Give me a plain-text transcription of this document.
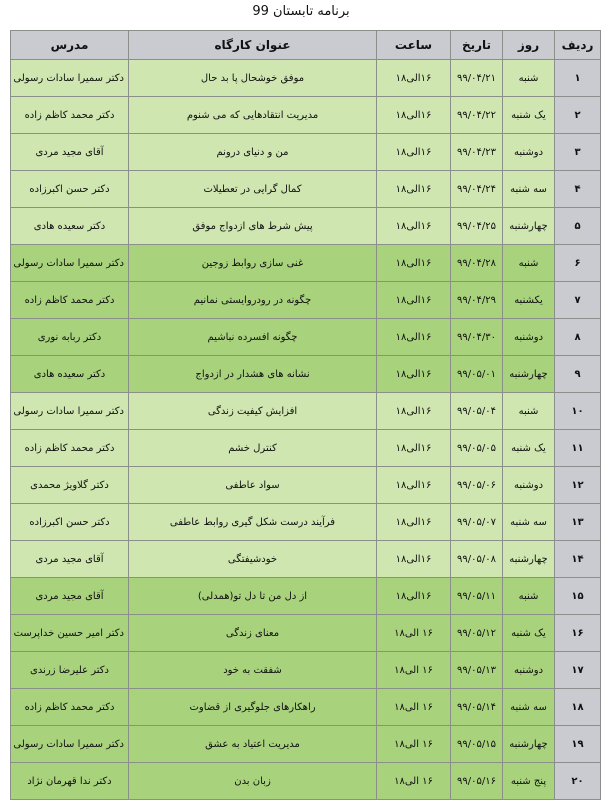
برنامه تابستان 99
ردیف	روز	تاریخ	ساعت	عنوان کارگاه	مدرس
۱	شنبه	۹۹/۰۴/۲۱	۱۶الی۱۸	موفق خوشحال پا بد حال	دکتر سمیرا سادات رسولی
۲	یک شنبه	۹۹/۰۴/۲۲	۱۶الی۱۸	مدیریت انتقادهایی که می شنوم	دکتر محمد کاظم زاده
۳	دوشنبه	۹۹/۰۴/۲۳	۱۶الی۱۸	من و دنیای درونم	آقای مجید مردی
۴	سه شنبه	۹۹/۰۴/۲۴	۱۶الی۱۸	کمال گرایی در تعطیلات	دکتر حسن اکبرزاده
۵	چهارشنبه	۹۹/۰۴/۲۵	۱۶الی۱۸	پیش شرط های ازدواج موفق	دکتر سعیده هادی
۶	شنبه	۹۹/۰۴/۲۸	۱۶الی۱۸	غنی سازی روابط زوجین	دکتر سمیرا سادات رسولی
۷	یکشنبه	۹۹/۰۴/۲۹	۱۶الی۱۸	چگونه در رودروایستی نمانیم	دکتر محمد کاظم زاده
۸	دوشنبه	۹۹/۰۴/۳۰	۱۶الی۱۸	چگونه افسرده نباشیم	دکتر ربابه نوری
۹	چهارشنبه	۹۹/۰۵/۰۱	۱۶الی۱۸	نشانه های هشدار در ازدواج	دکتر سعیده هادی
۱۰	شنبه	۹۹/۰۵/۰۴	۱۶الی۱۸	افزایش کیفیت زندگی	دکتر سمیرا سادات رسولی
۱۱	یک شنبه	۹۹/۰۵/۰۵	۱۶الی۱۸	کنترل خشم	دکتر محمد کاظم زاده
۱۲	دوشنبه	۹۹/۰۵/۰۶	۱۶الی۱۸	سواد عاطفی	دکتر گلاویژ محمدی
۱۳	سه شنبه	۹۹/۰۵/۰۷	۱۶الی۱۸	فرآیند درست شکل گیری روابط عاطفی	دکتر حسن اکبرزاده
۱۴	چهارشنبه	۹۹/۰۵/۰۸	۱۶الی۱۸	خودشیفتگی	آقای مجید مردی
۱۵	شنبه	۹۹/۰۵/۱۱	۱۶الی۱۸	از دل من تا دل تو(همدلی)	آقای مجید مردی
۱۶	یک شنبه	۹۹/۰۵/۱۲	۱۶ الی۱۸	معنای زندگی	دکتر امیر حسین خداپرست
۱۷	دوشنبه	۹۹/۰۵/۱۳	۱۶ الی۱۸	شفقت به خود	دکتر علیرضا زرندی
۱۸	سه شنبه	۹۹/۰۵/۱۴	۱۶ الی۱۸	راهکارهای جلوگیری از قضاوت	دکتر محمد کاظم زاده
۱۹	چهارشنبه	۹۹/۰۵/۱۵	۱۶ الی۱۸	مدیریت اعتیاد به عشق	دکتر سمیرا سادات رسولی
۲۰	پنج شنبه	۹۹/۰۵/۱۶	۱۶ الی۱۸	زبان بدن	دکتر ندا قهرمان نژاد
